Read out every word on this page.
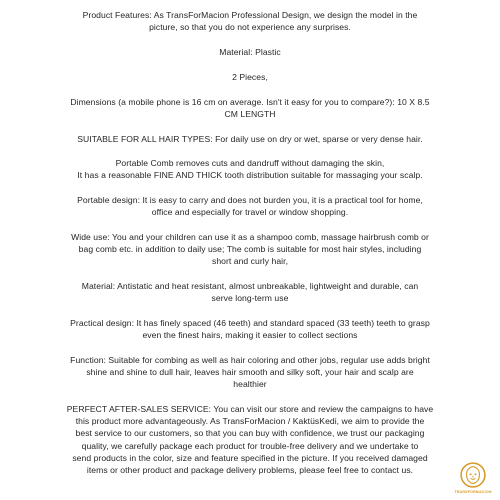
Product Features: As TransForMacion Professional Design, we design the model in the
picture, so that you do not experience any surprises.
Material: Plastic
2 Pieces,
Dimensions (a mobile phone is 16 cm on average. Isn't it easy for you to compare?): 10 X 8.5
CM LENGTH
SUITABLE FOR ALL HAIR TYPES: For daily use on dry or wet, sparse or very dense hair.
Portable Comb removes cuts and dandruff without damaging the skin,
It has a reasonable FINE AND THICK tooth distribution suitable for massaging your scalp.
Portable design: It is easy to carry and does not burden you, it is a practical tool for home,
office and especially for travel or window shopping.
Wide use: You and your children can use it as a shampoo comb, massage hairbrush comb or
bag comb etc. in addition to daily use; The comb is suitable for most hair styles, including
short and curly hair,
Material: Antistatic and heat resistant, almost unbreakable, lightweight and durable, can
serve long-term use
Practical design: It has finely spaced (46 teeth) and standard spaced (33 teeth) teeth to grasp
even the finest hairs, making it easier to collect sections
Function: Suitable for combing as well as hair coloring and other jobs, regular use adds bright
shine and shine to dull hair, leaves hair smooth and silky soft, your hair and scalp are
healthier
PERFECT AFTER-SALES SERVICE: You can visit our store and review the campaigns to have
this product more advantageously. As TransForMacion / KaktüsKedi, we aim to provide the
best service to our customers, so that you can buy with confidence, we trust our packaging
quality, we carefully package each product for trouble-free delivery and we undertake to
send products in the color, size and feature specified in the picture. If you received damaged
items or other product and package delivery problems, please feel free to contact us.
TRANSFORMACION
